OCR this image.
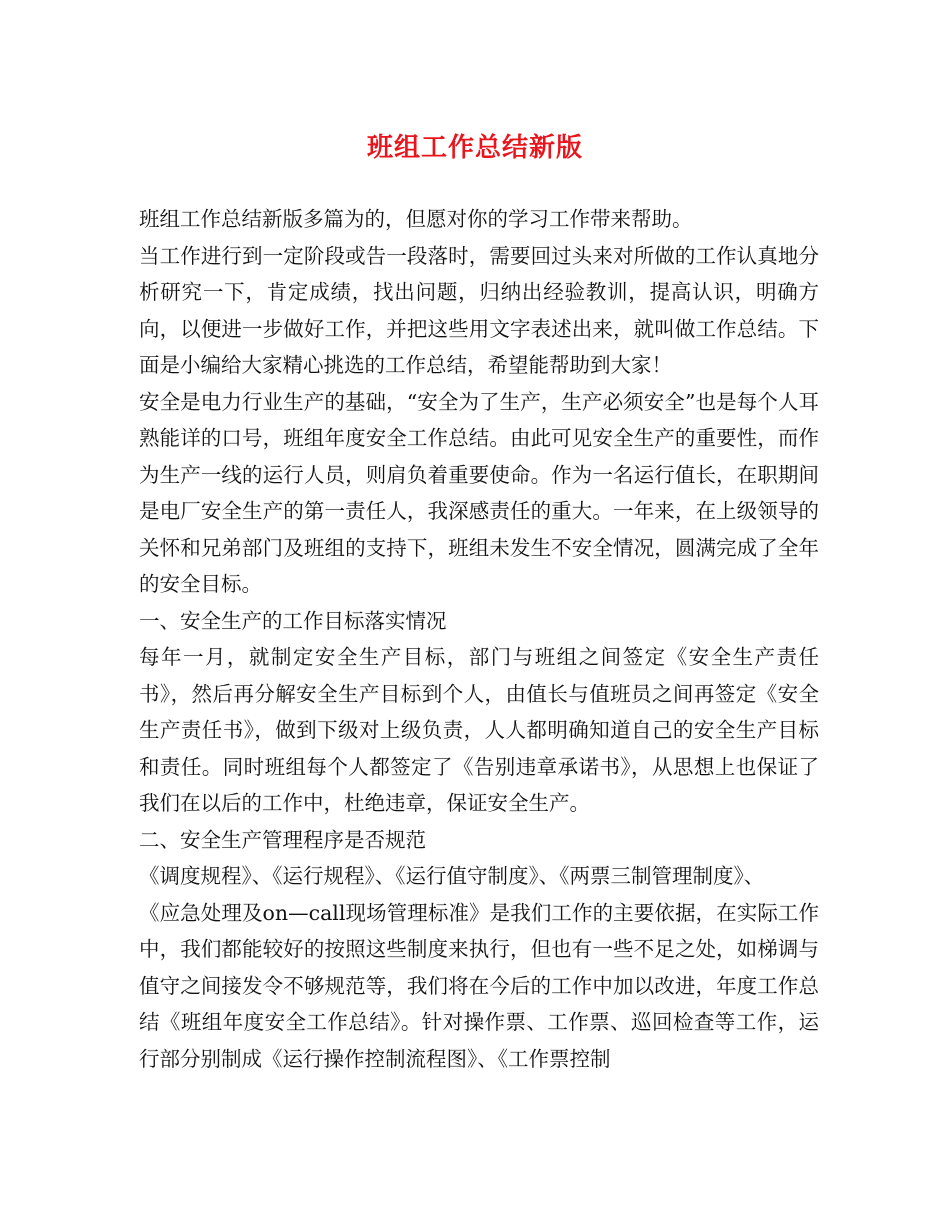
班组工作总结新版

班组工作总结新版多篇为的，但愿对你的学习工作带来帮助。

当工作进行到一定阶段或告一段落时，需要回过头来对所做的工作认真地分析研究一下，肯定成绩，找出问题，归纳出经验教训，提高认识，明确方向，以便进一步做好工作，并把这些用文字表述出来，就叫做工作总结。下面是小编给大家精心挑选的工作总结，希望能帮助到大家！

安全是电力行业生产的基础，“安全为了生产，生产必须安全”也是每个人耳熟能详的口号，班组年度安全工作总结。由此可见安全生产的重要性，而作为生产一线的运行人员，则肩负着重要使命。作为一名运行值长，在职期间是电厂安全生产的第一责任人，我深感责任的重大。一年来，在上级领导的关怀和兄弟部门及班组的支持下，班组未发生不安全情况，圆满完成了全年的安全目标。

一、安全生产的工作目标落实情况

每年一月，就制定安全生产目标，部门与班组之间签定《安全生产责任书》，然后再分解安全生产目标到个人，由值长与值班员之间再签定《安全生产责任书》，做到下级对上级负责，人人都明确知道自己的安全生产目标和责任。同时班组每个人都签定了《告别违章承诺书》，从思想上也保证了我们在以后的工作中，杜绝违章，保证安全生产。

二、安全生产管理程序是否规范

《调度规程》、《运行规程》、《运行值守制度》、《两票三制管理制度》、

《应急处理及on—call现场管理标准》是我们工作的主要依据，在实际工作中，我们都能较好的按照这些制度来执行，但也有一些不足之处，如梯调与值守之间接发令不够规范等，我们将在今后的工作中加以改进，年度工作总结《班组年度安全工作总结》。针对操作票、工作票、巡回检查等工作，运行部分别制成《运行操作控制流程图》、《工作票控制
